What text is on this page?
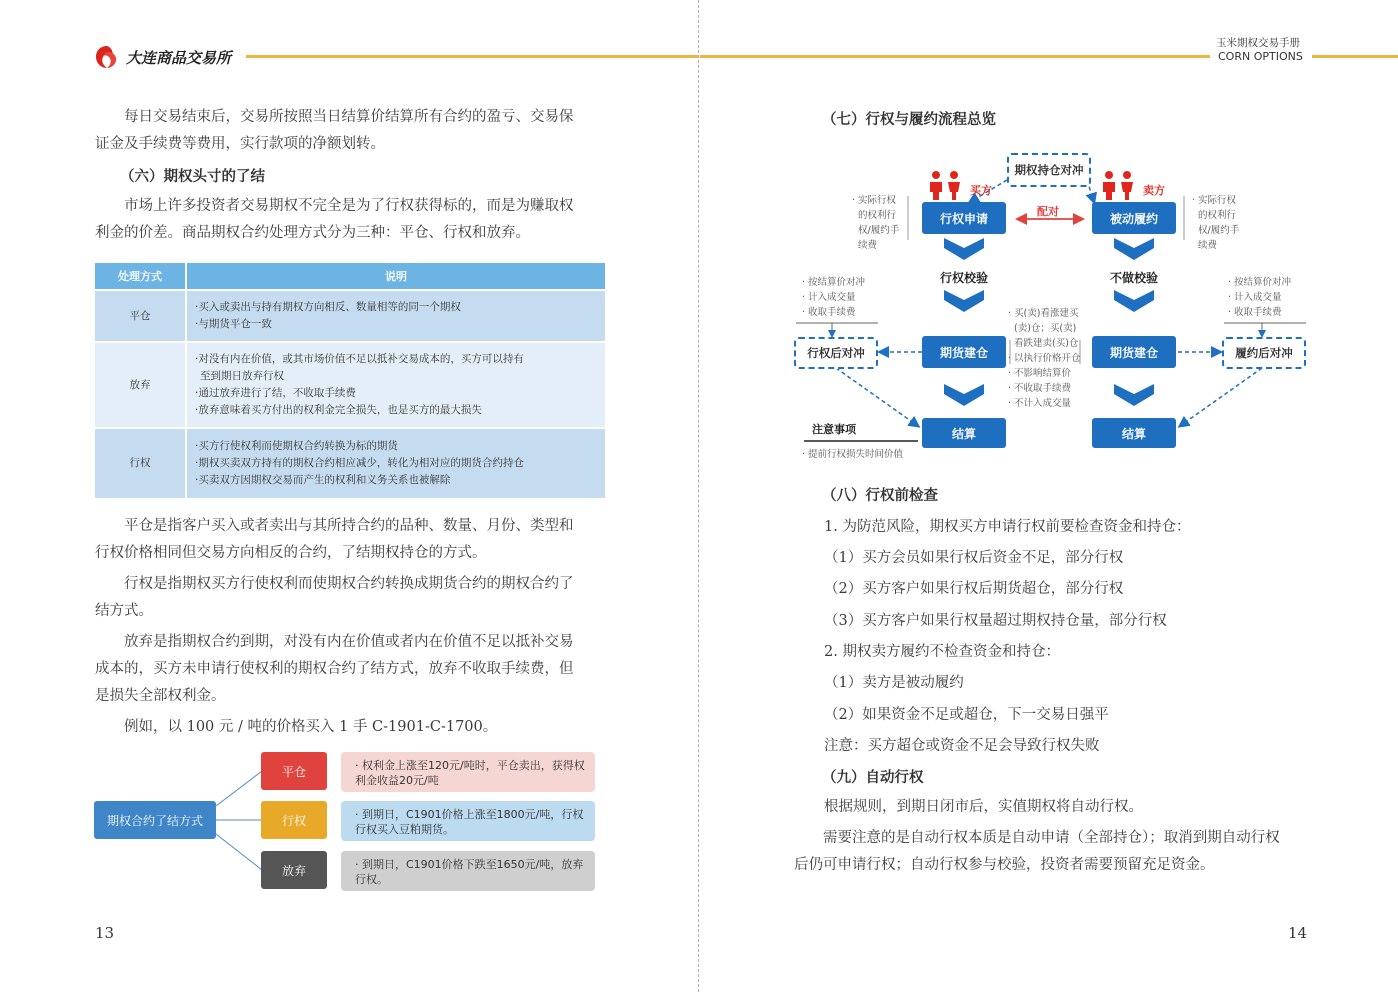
大连商品交易所
玉米期权交易手册
CORN OPTIONS
每日交易结束后，交易所按照当日结算价结算所有合约的盈亏、交易保
证金及手续费等费用，实行款项的净额划转。
（六）期权头寸的了结
市场上许多投资者交易期权不完全是为了行权获得标的，而是为赚取权
利金的价差。商品期权合约处理方式分为三种：平仓、行权和放弃。
处理方式	说明
平仓	·买入或卖出与持有期权方向相反、数量相等的同一个期权
·与期货平仓一致

放弃	·对没有内在价值，或其市场价值不足以抵补交易成本的，买方可以持有
至到期日放弃行权
·通过放弃进行了结，不收取手续费
·放弃意味着买方付出的权利金完全损失，也是买方的最大损失

行权	·买方行使权利而使期权合约转换为标的期货
·期权买卖双方持有的期权合约相应减少，转化为相对应的期货合约持仓
·买卖双方因期权交易而产生的权利和义务关系也被解除
平仓是指客户买入或者卖出与其所持合约的品种、数量、月份、类型和
行权价格相同但交易方向相反的合约，了结期权持仓的方式。
行权是指期权买方行使权利而使期权合约转换成期货合约的期权合约了
结方式。
放弃是指期权合约到期，对没有内在价值或者内在价值不足以抵补交易
成本的，买方未申请行使权利的期权合约了结方式，放弃不收取手续费，但
是损失全部权利金。
例如，以 100 元 / 吨的价格买入 1 手 C-1901-C-1700。
期权合约了结方式
平仓
行权
放弃
· 权利金上涨至120元/吨时，平仓卖出，获得权利金收益20元/吨
· 到期日，C1901价格上涨至1800元/吨，行权 行权买入豆粕期货。
· 到期日，C1901价格下跌至1650元/吨，放弃行权。
13
（七）行权与履约流程总览
买方	卖方
期权持仓对冲
行权申请	被动履约
配对
行权校验	不做校验
期货建仓	期货建仓
行权后对冲	履约后对冲
结算	结算
· 实际行权
的权利行
权/履约手
续费
· 实际行权
的权利行
权/履约手
续费
· 按结算价对冲
· 计入成交量
· 收取手续费
· 按结算价对冲
· 计入成交量
· 收取手续费
· 买(卖)看涨建买
(卖)仓；买(卖)
看跌建卖(买)仓
· 以执行价格开仓
· 不影响结算价
· 不收取手续费
· 不计入成交量
注意事项
· 提前行权损失时间价值
（八）行权前检查
1. 为防范风险，期权买方申请行权前要检查资金和持仓：
（1）买方会员如果行权后资金不足，部分行权
（2）买方客户如果行权后期货超仓，部分行权
（3）买方客户如果行权量超过期权持仓量，部分行权
2. 期权卖方履约不检查资金和持仓：
（1）卖方是被动履约
（2）如果资金不足或超仓，下一交易日强平
注意：买方超仓或资金不足会导致行权失败
（九）自动行权
根据规则，到期日闭市后，实值期权将自动行权。
需要注意的是自动行权本质是自动申请（全部持仓）；取消到期自动行权
后仍可申请行权；自动行权参与校验，投资者需要预留充足资金。
14
